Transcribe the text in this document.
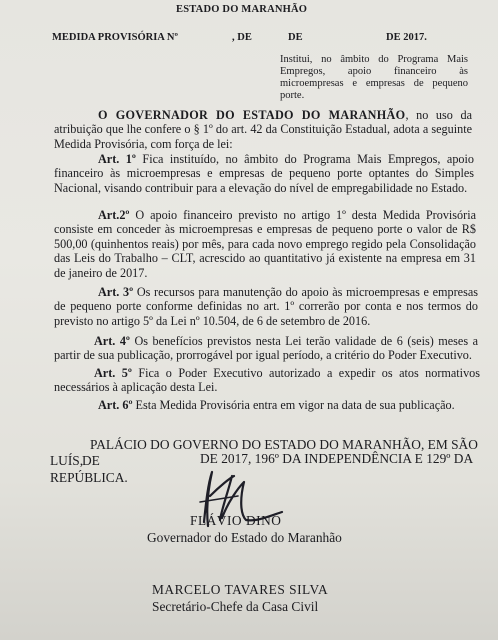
ESTADO DO MARANHÃO
MEDIDA PROVISÓRIA Nº	, DE	DE	DE 2017.
Institui, no âmbito do Programa Mais Empregos, apoio financeiro às microempresas e empresas de pequeno porte.
O GOVERNADOR DO ESTADO DO MARANHÃO, no uso da atribuição que lhe confere o § 1º do art. 42 da Constituição Estadual, adota a seguinte Medida Provisória, com força de lei:
Art. 1º Fica instituído, no âmbito do Programa Mais Empregos, apoio financeiro às microempresas e empresas de pequeno porte optantes do Simples Nacional, visando contribuir para a elevação do nível de empregabilidade no Estado.
Art.2º O apoio financeiro previsto no artigo 1º desta Medida Provisória consiste em conceder às microempresas e empresas de pequeno porte o valor de R$ 500,00 (quinhentos reais) por mês, para cada novo emprego regido pela Consolidação das Leis do Trabalho – CLT, acrescido ao quantitativo já existente na empresa em 31 de janeiro de 2017.
Art. 3º Os recursos para manutenção do apoio às microempresas e empresas de pequeno porte conforme definidas no art. 1º correrão por conta e nos termos do previsto no artigo 5º da Lei nº 10.504, de 6 de setembro de 2016.
Art. 4º Os benefícios previstos nesta Lei terão validade de 6 (seis) meses a partir de sua publicação, prorrogável por igual período, a critério do Poder Executivo.
Art. 5º Fica o Poder Executivo autorizado a expedir os atos normativos necessários à aplicação desta Lei.
Art. 6º Esta Medida Provisória entra em vigor na data de sua publicação.
PALÁCIO DO GOVERNO DO ESTADO DO MARANHÃO, EM SÃO
LUÍS,
DE	DE 2017, 196º DA INDEPENDÊNCIA E 129º DA
REPÚBLICA.
FLÁVIO DINO
Governador do Estado do Maranhão
MARCELO TAVARES SILVA
Secretário-Chefe da Casa Civil
